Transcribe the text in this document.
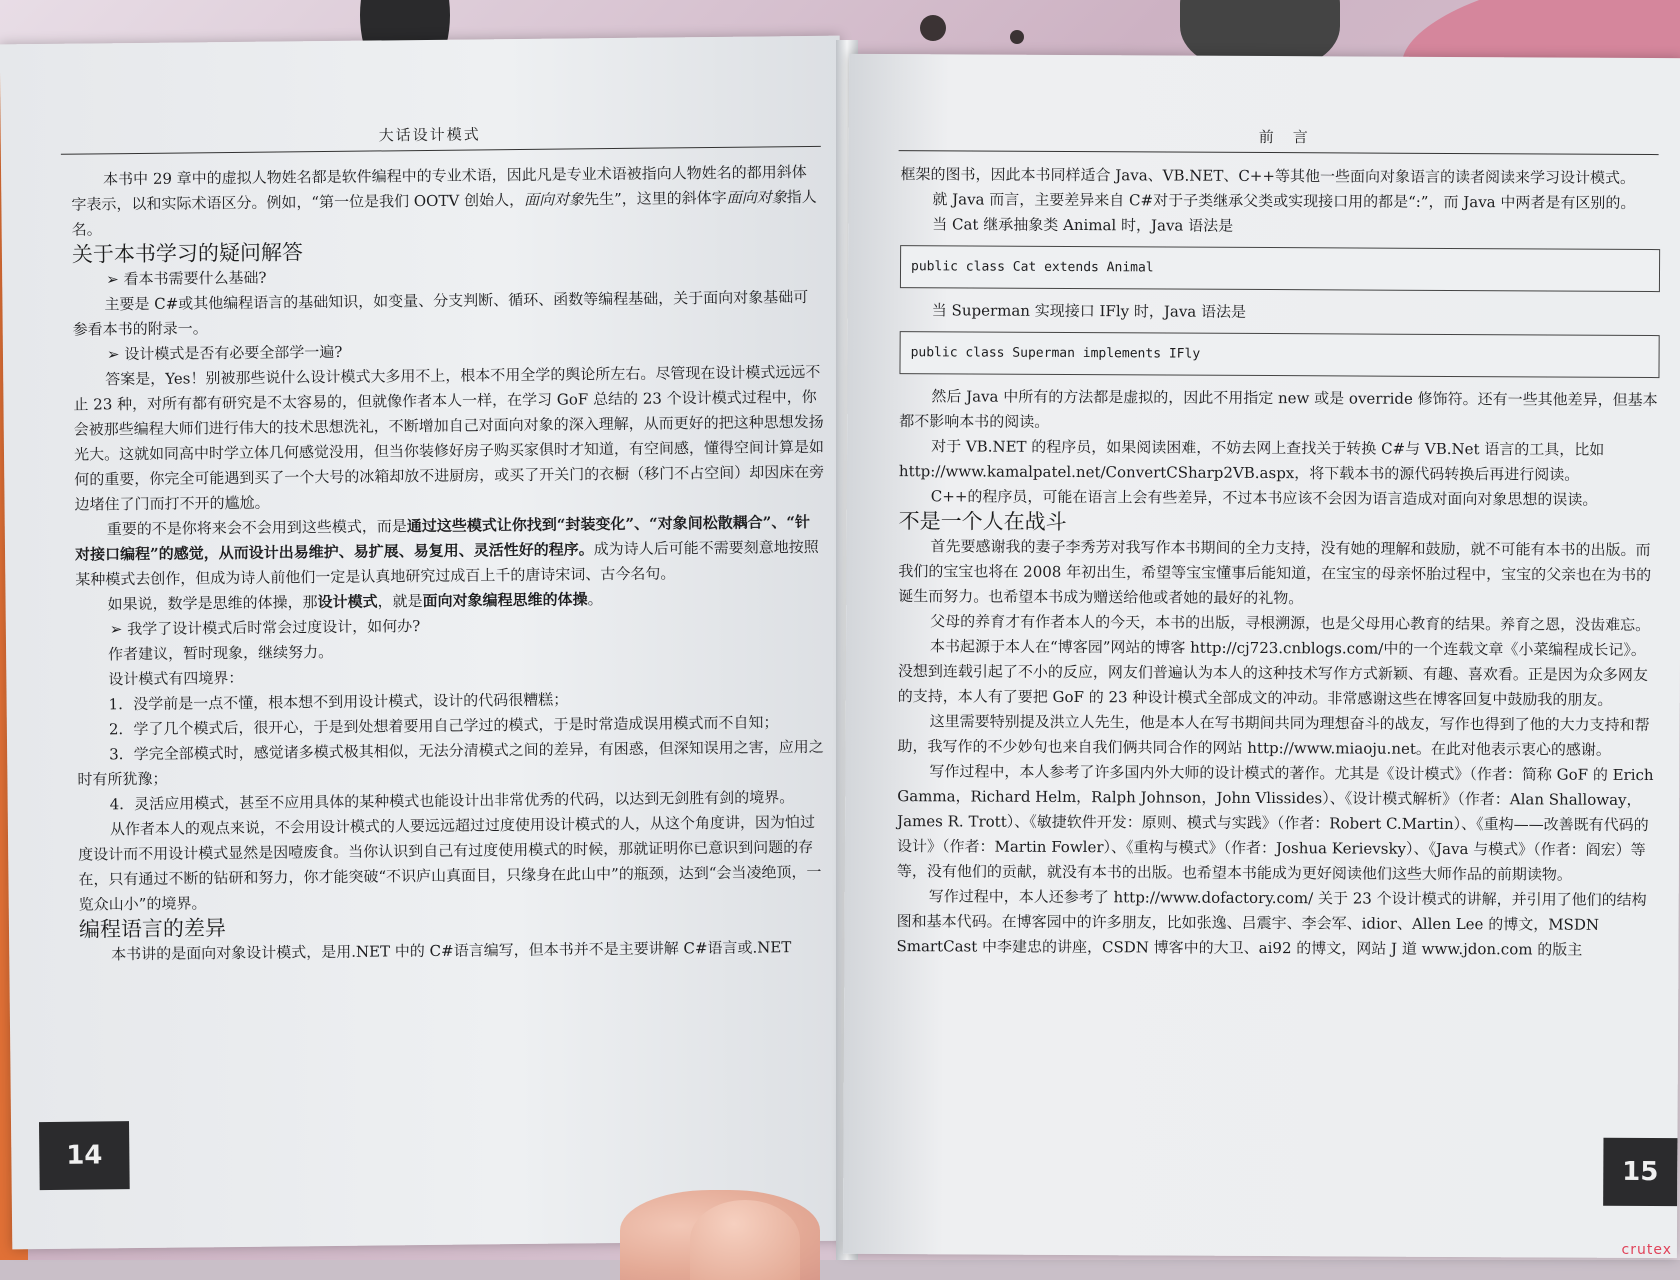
大话设计模式

本书中 29 章中的虚拟人物姓名都是软件编程中的专业术语，因此凡是专业术语被指向人物姓名的都用斜体字表示，以和实际术语区分。例如，“第一位是我们 OOTV 创始人，面向对象先生”，这里的斜体字面向对象指人名。

关于本书学习的疑问解答

➢ 看本书需要什么基础?

主要是 C#或其他编程语言的基础知识，如变量、分支判断、循环、函数等编程基础，关于面向对象基础可参看本书的附录一。

➢ 设计模式是否有必要全部学一遍?

答案是，Yes！别被那些说什么设计模式大多用不上，根本不用全学的舆论所左右。尽管现在设计模式远远不止 23 种，对所有都有研究是不太容易的，但就像作者本人一样，在学习 GoF 总结的 23 个设计模式过程中，你会被那些编程大师们进行伟大的技术思想洗礼，不断增加自己对面向对象的深入理解，从而更好的把这种思想发扬光大。这就如同高中时学立体几何感觉没用，但当你装修好房子购买家俱时才知道，有空间感，懂得空间计算是如何的重要，你完全可能遇到买了一个大号的冰箱却放不进厨房，或买了开关门的衣橱（移门不占空间）却因床在旁边堵住了门而打不开的尴尬。

重要的不是你将来会不会用到这些模式，而是通过这些模式让你找到“封装变化”、“对象间松散耦合”、“针对接口编程”的感觉，从而设计出易维护、易扩展、易复用、灵活性好的程序。成为诗人后可能不需要刻意地按照某种模式去创作，但成为诗人前他们一定是认真地研究过成百上千的唐诗宋词、古今名句。

如果说，数学是思维的体操，那设计模式，就是面向对象编程思维的体操。

➢ 我学了设计模式后时常会过度设计，如何办?

作者建议，暂时现象，继续努力。

设计模式有四境界：

1．没学前是一点不懂，根本想不到用设计模式，设计的代码很糟糕；

2．学了几个模式后，很开心，于是到处想着要用自己学过的模式，于是时常造成误用模式而不自知；

3．学完全部模式时，感觉诸多模式极其相似，无法分清模式之间的差异，有困惑，但深知误用之害，应用之时有所犹豫；

4．灵活应用模式，甚至不应用具体的某种模式也能设计出非常优秀的代码，以达到无剑胜有剑的境界。

从作者本人的观点来说，不会用设计模式的人要远远超过过度使用设计模式的人，从这个角度讲，因为怕过度设计而不用设计模式显然是因噎废食。当你认识到自己有过度使用模式的时候，那就证明你已意识到问题的存在，只有通过不断的钻研和努力，你才能突破“不识庐山真面目，只缘身在此山中”的瓶颈，达到“会当凌绝顶，一览众山小”的境界。

编程语言的差异

本书讲的是面向对象设计模式，是用.NET 中的 C#语言编写，但本书并不是主要讲解 C#语言或.NET

14
前　言

框架的图书，因此本书同样适合 Java、VB.NET、C++等其他一些面向对象语言的读者阅读来学习设计模式。

就 Java 而言，主要差异来自 C#对于子类继承父类或实现接口用的都是“:”，而 Java 中两者是有区别的。

当 Cat 继承抽象类 Animal 时，Java 语法是

public class Cat extends Animal

当 Superman 实现接口 IFly 时，Java 语法是

public class Superman implements IFly

然后 Java 中所有的方法都是虚拟的，因此不用指定 new 或是 override 修饰符。还有一些其他差异，但基本都不影响本书的阅读。

对于 VB.NET 的程序员，如果阅读困难，不妨去网上查找关于转换 C#与 VB.Net 语言的工具，比如 http://www.kamalpatel.net/ConvertCSharp2VB.aspx，将下载本书的源代码转换后再进行阅读。

C++的程序员，可能在语言上会有些差异，不过本书应该不会因为语言造成对面向对象思想的误读。

不是一个人在战斗

首先要感谢我的妻子李秀芳对我写作本书期间的全力支持，没有她的理解和鼓励，就不可能有本书的出版。而我们的宝宝也将在 2008 年初出生，希望等宝宝懂事后能知道，在宝宝的母亲怀胎过程中，宝宝的父亲也在为书的诞生而努力。也希望本书成为赠送给他或者她的最好的礼物。

父母的养育才有作者本人的今天，本书的出版，寻根溯源，也是父母用心教育的结果。养育之恩，没齿难忘。

本书起源于本人在“博客园”网站的博客 http://cj723.cnblogs.com/中的一个连载文章《小菜编程成长记》。没想到连载引起了不小的反应，网友们普遍认为本人的这种技术写作方式新颖、有趣、喜欢看。正是因为众多网友的支持，本人有了要把 GoF 的 23 种设计模式全部成文的冲动。非常感谢这些在博客回复中鼓励我的朋友。

这里需要特别提及洪立人先生，他是本人在写书期间共同为理想奋斗的战友，写作也得到了他的大力支持和帮助，我写作的不少妙句也来自我们俩共同合作的网站 http://www.miaoju.net。在此对他表示衷心的感谢。

写作过程中，本人参考了许多国内外大师的设计模式的著作。尤其是《设计模式》（作者：简称 GoF 的 Erich Gamma，Richard Helm，Ralph Johnson，John Vlissides）、《设计模式解析》（作者：Alan Shalloway，James R. Trott）、《敏捷软件开发：原则、模式与实践》（作者：Robert C.Martin）、《重构——改善既有代码的设计》（作者：Martin Fowler）、《重构与模式》（作者：Joshua Kerievsky）、《Java 与模式》（作者：阎宏）等等，没有他们的贡献，就没有本书的出版。也希望本书能成为更好阅读他们这些大师作品的前期读物。

写作过程中，本人还参考了 http://www.dofactory.com/ 关于 23 个设计模式的讲解，并引用了他们的结构图和基本代码。在博客园中的许多朋友，比如张逸、吕震宇、李会军、idior、Allen Lee 的博文，MSDN SmartCast 中李建忠的讲座，CSDN 博客中的大卫、ai92 的博文，网站 J 道 www.jdon.com 的版主

15
crutex
